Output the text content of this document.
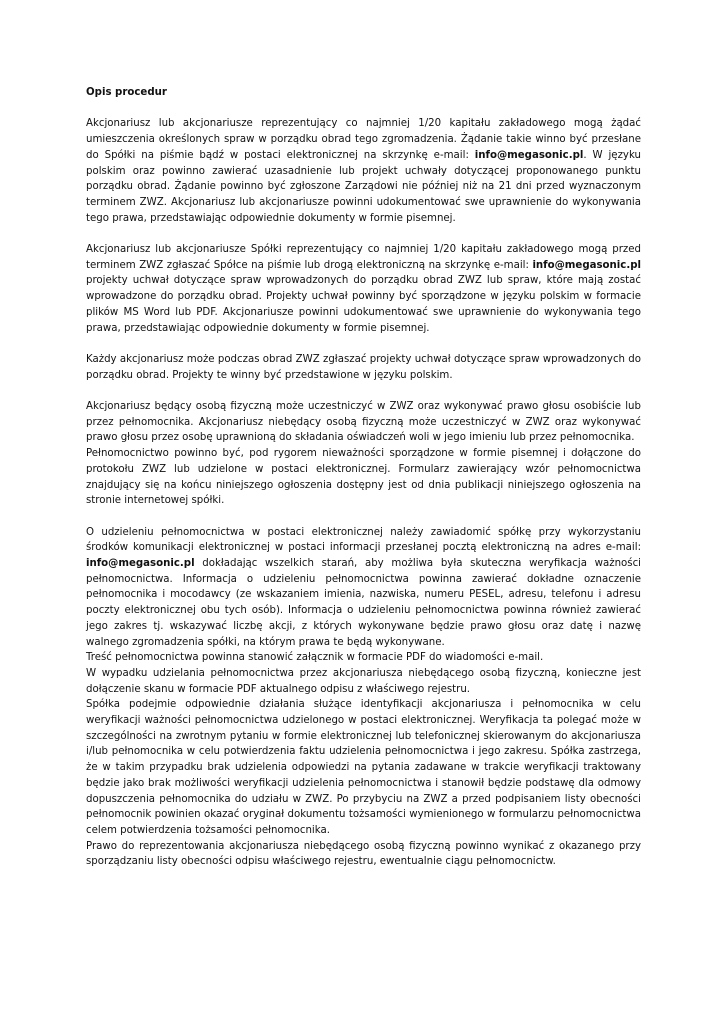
Opis procedur

Akcjonariusz lub akcjonariusze reprezentujący co najmniej 1/20 kapitału zakładowego mogą żądać umieszczenia określonych spraw w porządku obrad tego zgromadzenia. Żądanie takie winno być przesłane do Spółki na piśmie bądź w postaci elektronicznej na skrzynkę e-mail: info@megasonic.pl. W języku polskim oraz powinno zawierać uzasadnienie lub projekt uchwały dotyczącej proponowanego punktu porządku obrad. Żądanie powinno być zgłoszone Zarządowi nie później niż na 21 dni przed wyznaczonym terminem ZWZ. Akcjonariusz lub akcjonariusze powinni udokumentować swe uprawnienie do wykonywania tego prawa, przedstawiając odpowiednie dokumenty w formie pisemnej.

Akcjonariusz lub akcjonariusze Spółki reprezentujący co najmniej 1/20 kapitału zakładowego mogą przed terminem ZWZ zgłaszać Spółce na piśmie lub drogą elektroniczną na skrzynkę e-mail: info@megasonic.pl projekty uchwał dotyczące spraw wprowadzonych do porządku obrad ZWZ lub spraw, które mają zostać wprowadzone do porządku obrad. Projekty uchwał powinny być sporządzone w języku polskim w formacie plików MS Word lub PDF. Akcjonariusze powinni udokumentować swe uprawnienie do wykonywania tego prawa, przedstawiając odpowiednie dokumenty w formie pisemnej.

Każdy akcjonariusz może podczas obrad ZWZ zgłaszać projekty uchwał dotyczące spraw wprowadzonych do porządku obrad. Projekty te winny być przedstawione w języku polskim.

Akcjonariusz będący osobą fizyczną może uczestniczyć w ZWZ oraz wykonywać prawo głosu osobiście lub przez pełnomocnika. Akcjonariusz niebędący osobą fizyczną może uczestniczyć w ZWZ oraz wykonywać prawo głosu przez osobę uprawnioną do składania oświadczeń woli w jego imieniu lub przez pełnomocnika.

Pełnomocnictwo powinno być, pod rygorem nieważności sporządzone w formie pisemnej i dołączone do protokołu ZWZ lub udzielone w postaci elektronicznej. Formularz zawierający wzór pełnomocnictwa znajdujący się na końcu niniejszego ogłoszenia dostępny jest od dnia publikacji niniejszego ogłoszenia na stronie internetowej spółki.

O udzieleniu pełnomocnictwa w postaci elektronicznej należy zawiadomić spółkę przy wykorzystaniu środków komunikacji elektronicznej w postaci informacji przesłanej pocztą elektroniczną na adres e-mail: info@megasonic.pl dokładając wszelkich starań, aby możliwa była skuteczna weryfikacja ważności pełnomocnictwa. Informacja o udzieleniu pełnomocnictwa powinna zawierać dokładne oznaczenie pełnomocnika i mocodawcy (ze wskazaniem imienia, nazwiska, numeru PESEL, adresu, telefonu i adresu poczty elektronicznej obu tych osób). Informacja o udzieleniu pełnomocnictwa powinna również zawierać jego zakres tj. wskazywać liczbę akcji, z których wykonywane będzie prawo głosu oraz datę i nazwę walnego zgromadzenia spółki, na którym prawa te będą wykonywane.

Treść pełnomocnictwa powinna stanowić załącznik w formacie PDF do wiadomości e-mail.

W wypadku udzielania pełnomocnictwa przez akcjonariusza niebędącego osobą fizyczną, konieczne jest dołączenie skanu w formacie PDF aktualnego odpisu z właściwego rejestru.

Spółka podejmie odpowiednie działania służące identyfikacji akcjonariusza i pełnomocnika w celu weryfikacji ważności pełnomocnictwa udzielonego w postaci elektronicznej. Weryfikacja ta polegać może w szczególności na zwrotnym pytaniu w formie elektronicznej lub telefonicznej skierowanym do akcjonariusza i/lub pełnomocnika w celu potwierdzenia faktu udzielenia pełnomocnictwa i jego zakresu. Spółka zastrzega, że w takim przypadku brak udzielenia odpowiedzi na pytania zadawane w trakcie weryfikacji traktowany będzie jako brak możliwości weryfikacji udzielenia pełnomocnictwa i stanowił będzie podstawę dla odmowy dopuszczenia pełnomocnika do udziału w ZWZ. Po przybyciu na ZWZ a przed podpisaniem listy obecności pełnomocnik powinien okazać oryginał dokumentu tożsamości wymienionego w formularzu pełnomocnictwa celem potwierdzenia tożsamości pełnomocnika.

Prawo do reprezentowania akcjonariusza niebędącego osobą fizyczną powinno wynikać z okazanego przy sporządzaniu listy obecności odpisu właściwego rejestru, ewentualnie ciągu pełnomocnictw.
